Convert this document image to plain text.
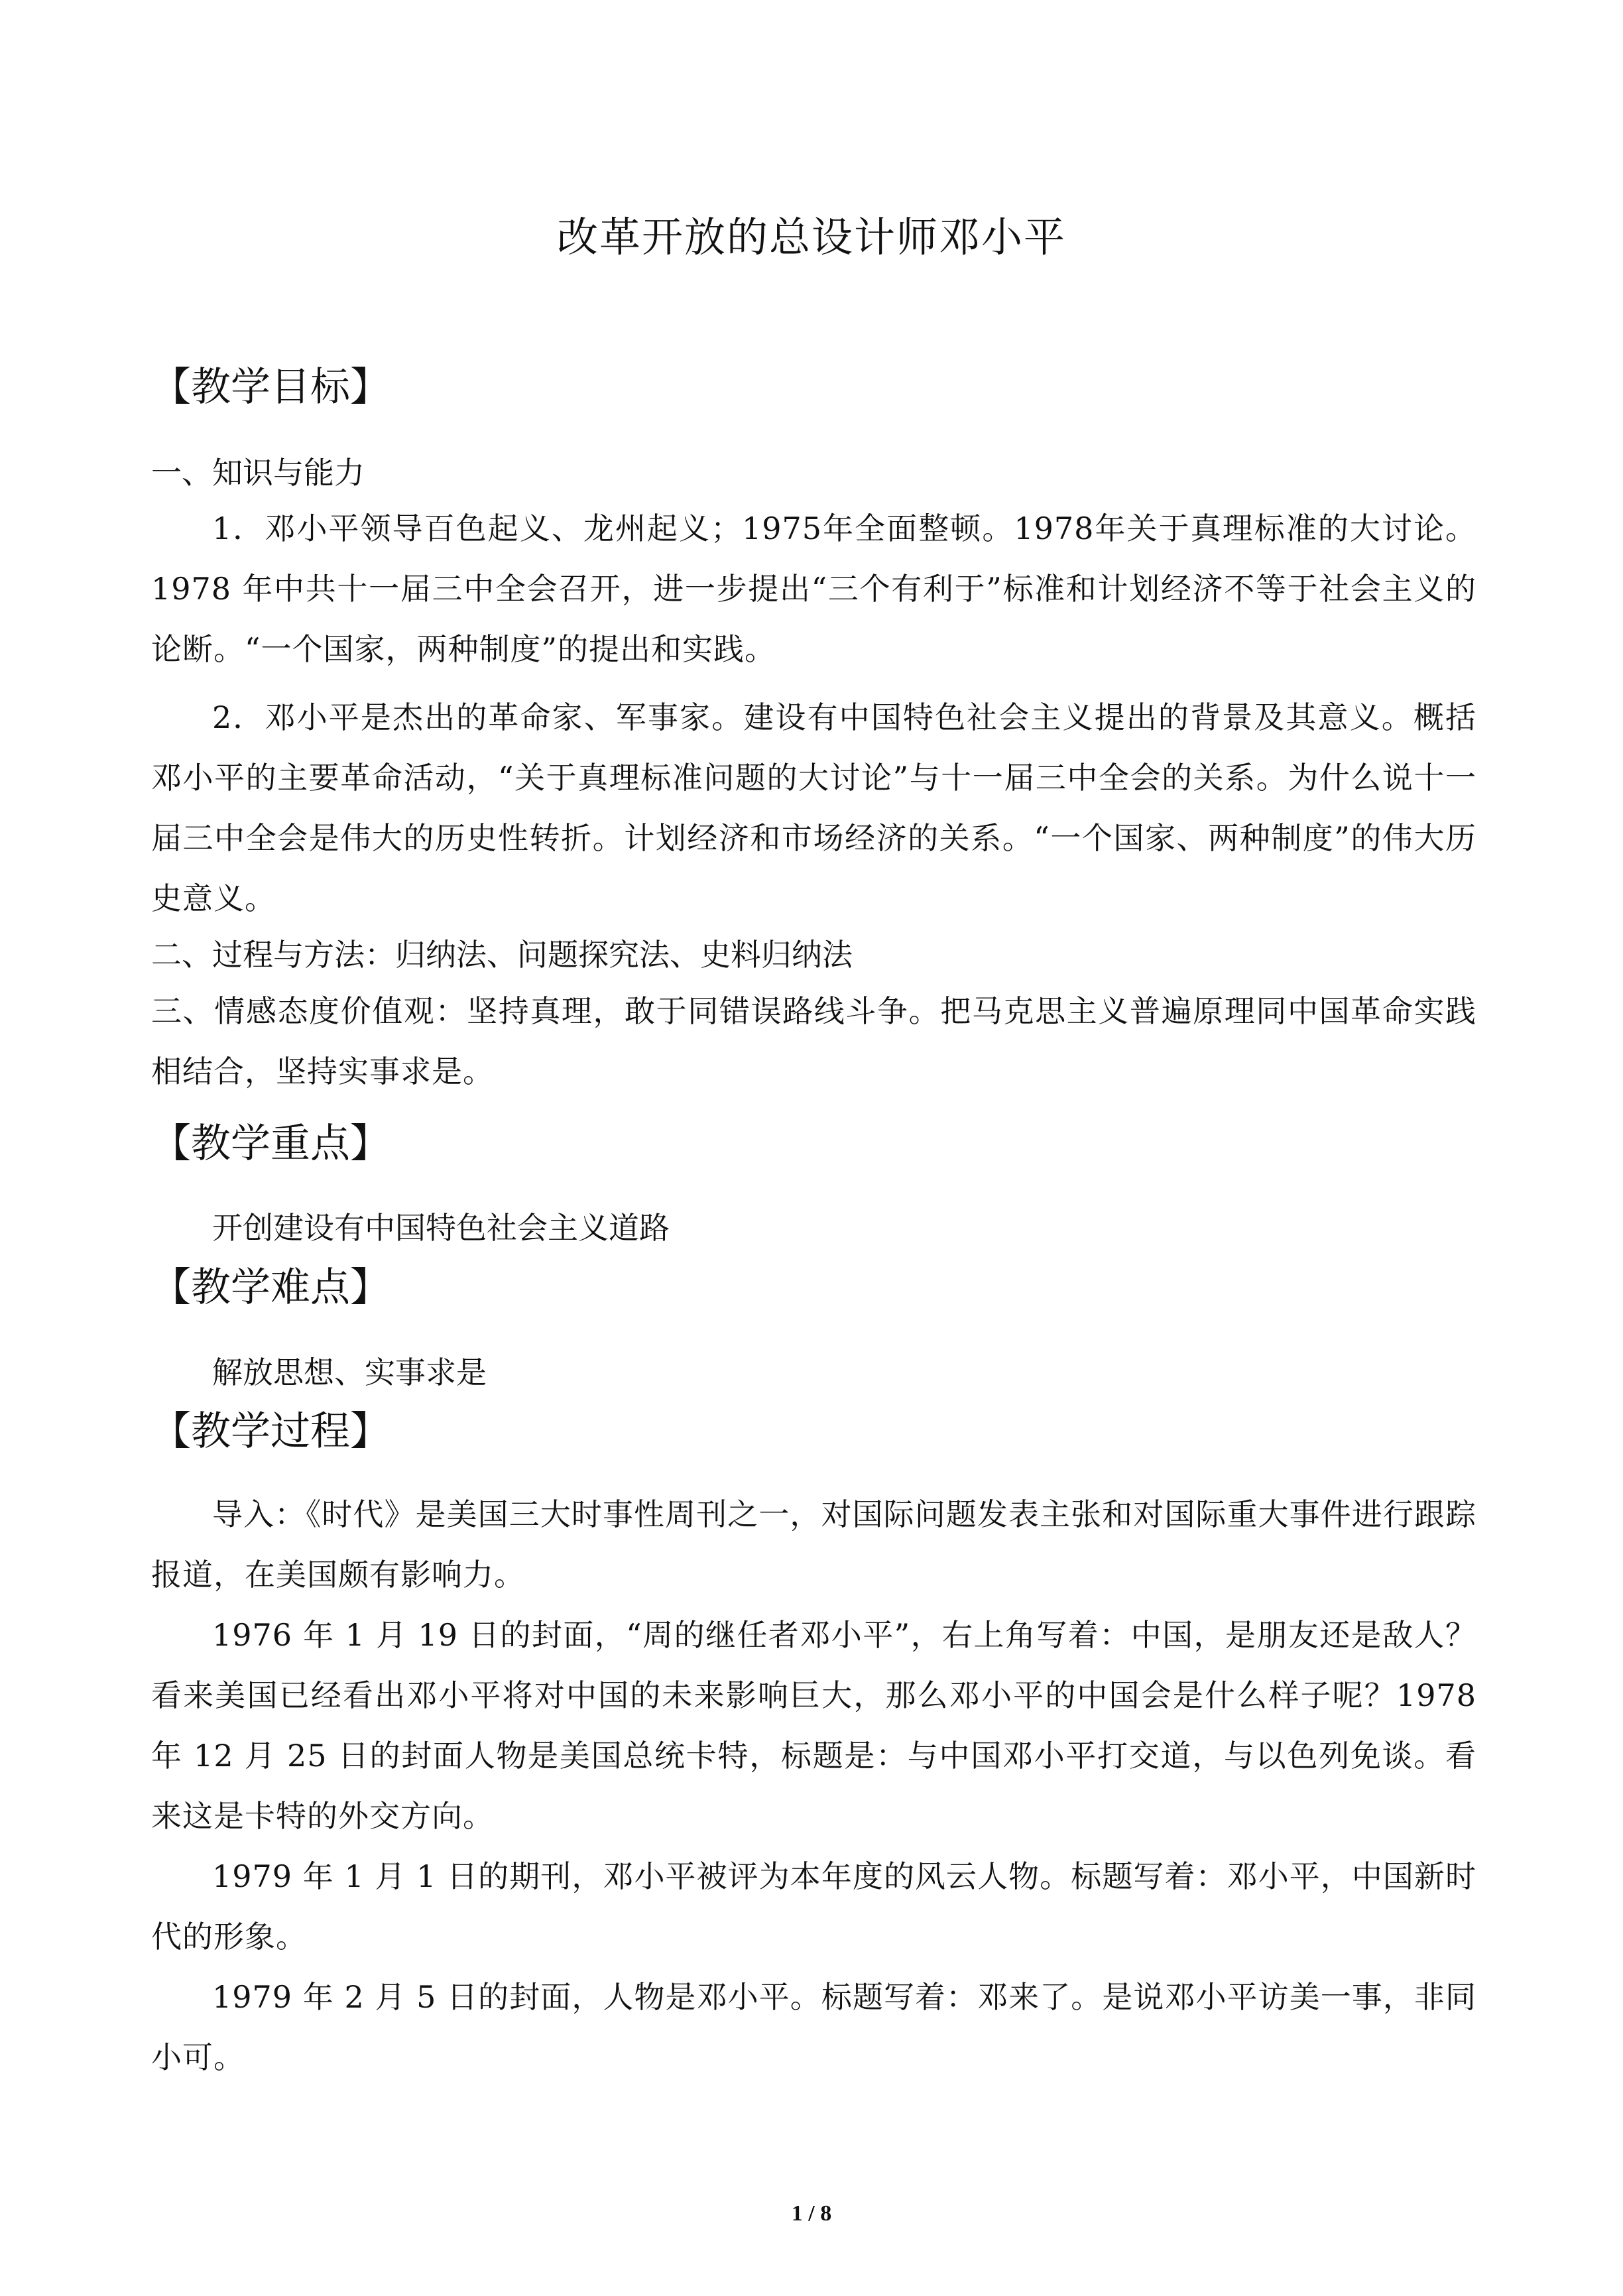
改革开放的总设计师邓小平
【教学目标】

一、知识与能力

1．邓小平领导百色起义、龙州起义；1975年全面整顿。1978年关于真理标准的大讨论。1978 年中共十一届三中全会召开，进一步提出“三个有利于”标准和计划经济不等于社会主义的论断。“一个国家，两种制度”的提出和实践。

2．邓小平是杰出的革命家、军事家。建设有中国特色社会主义提出的背景及其意义。概括邓小平的主要革命活动，“关于真理标准问题的大讨论”与十一届三中全会的关系。为什么说十一届三中全会是伟大的历史性转折。计划经济和市场经济的关系。“一个国家、两种制度”的伟大历史意义。

二、过程与方法：归纳法、问题探究法、史料归纳法

三、情感态度价值观：坚持真理，敢于同错误路线斗争。把马克思主义普遍原理同中国革命实践相结合，坚持实事求是。

【教学重点】

开创建设有中国特色社会主义道路

【教学难点】

解放思想、实事求是

【教学过程】

导入：《时代》是美国三大时事性周刊之一，对国际问题发表主张和对国际重大事件进行跟踪报道，在美国颇有影响力。

1976 年 1 月 19 日的封面，“周的继任者邓小平”，右上角写着：中国，是朋友还是敌人？看来美国已经看出邓小平将对中国的未来影响巨大，那么邓小平的中国会是什么样子呢？1978 年 12 月 25 日的封面人物是美国总统卡特，标题是：与中国邓小平打交道，与以色列免谈。看来这是卡特的外交方向。

1979 年 1 月 1 日的期刊，邓小平被评为本年度的风云人物。标题写着：邓小平，中国新时代的形象。

1979 年 2 月 5 日的封面，人物是邓小平。标题写着：邓来了。是说邓小平访美一事，非同小可。

1 / 8
